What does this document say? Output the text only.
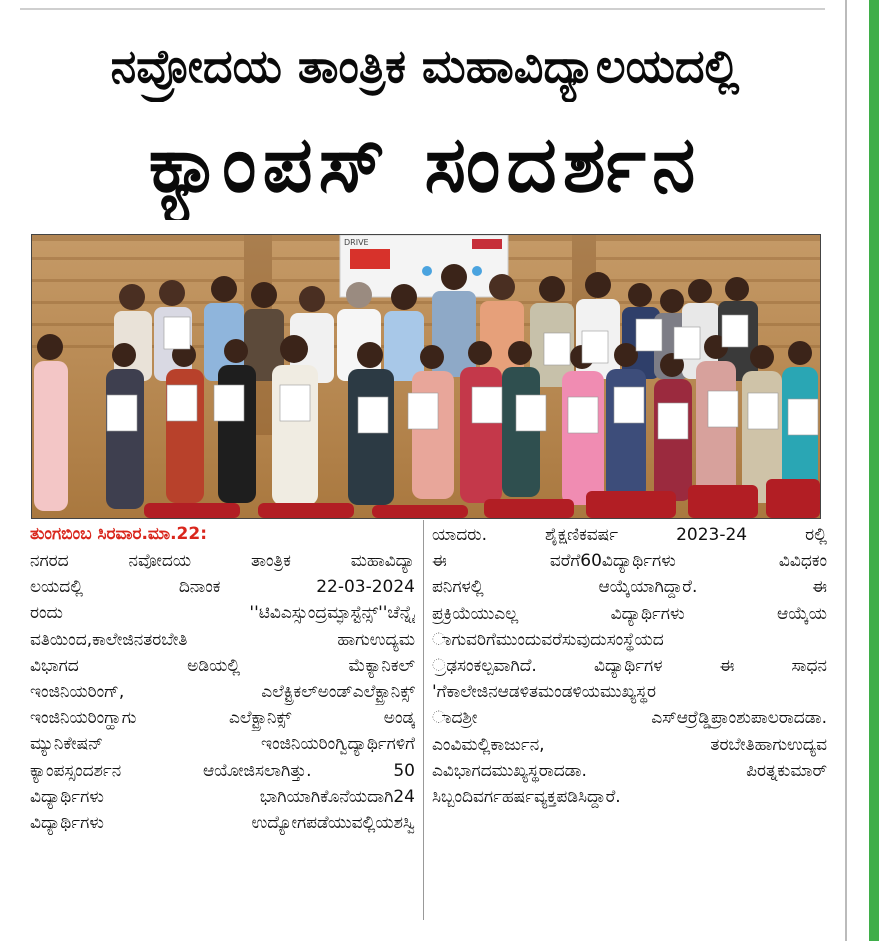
ನವ್ರೋದಯ ತಾಂತ್ರಿಕ ಮಹಾವಿದ್ಯಾಲಯದಲ್ಲಿ
ಕ್ಯಾಂಪಸ್ ಸಂದರ್ಶನ
DRIVE

ತುಂಗಬಿಂಬ ಸಿರವಾರ.ಮಾ.22:

ನಗರದ ನವೋದಯ ತಾಂತ್ರಿಕ ಮಹಾವಿದ್ಯಾ
ಲಯದಲ್ಲಿ ದಿನಾಂಕ 22-03-2024
ರಂದು ''ಟಿವಿಎಸ್ಸುಂದ್ರಮ್ಫಾಸ್ಟೆನ್ಸ್''ಚೆನ್ನೈ
ವತಿಯಿಂದ,ಕಾಲೇಜಿನತರಬೇತಿ ಹಾಗುಉದ್ಯಮ
ವಿಭಾಗದ ಅಡಿಯಲ್ಲಿ ಮೆಕ್ಯಾನಿಕಲ್
ಇಂಜಿನಿಯರಿಂಗ್, ಎಲೆಕ್ಟ್ರಿಕಲ್ಅಂಡ್ಎಲೆಕ್ಟ್ರಾನಿಕ್ಸ್
ಇಂಜಿನಿಯರಿಂಗ್ಹಾಗು ಎಲೆಕ್ಟ್ರಾನಿಕ್ಸ್ ಅಂಡ್ಕ
ಮ್ಯುನಿಕೇಷನ್ ಇಂಜಿನಿಯರಿಂಗ್ವಿದ್ಯಾರ್ಥಿಗಳಿಗೆ
ಕ್ಯಾಂಪಸ್ಸಂದರ್ಶನ ಆಯೋಜಿಸಲಾಗಿತ್ತು. 50
ವಿದ್ಯಾರ್ಥಿಗಳು ಭಾಗಿಯಾಗಿಕೊನೆಯದಾಗಿ24
ವಿದ್ಯಾರ್ಥಿಗಳು ಉದ್ಯೋಗಪಡೆಯುವಲ್ಲಿಯಶಸ್ವಿ
ಯಾದರು. ಶೈಕ್ಷಣಿಕವರ್ಷ 2023-24 ರಲ್ಲಿ
ಈ ವರೆಗೆ60ವಿದ್ಯಾರ್ಥಿಗಳು ವಿವಿಧಕಂ
ಪನಿಗಳಲ್ಲಿ ಆಯ್ಕೆಯಾಗಿದ್ದಾರೆ. ಈ
ಪ್ರಕ್ರಿಯೆಯುಎಲ್ಲ ವಿದ್ಯಾರ್ಥಿಗಳು ಆಯ್ಕೆಯ
ಾಗುವರಿಗೆಮುಂದುವರೆಸುವುದುಸಂಸ್ಥೆಯದ
್ರಢಸಂಕಲ್ಪವಾಗಿದೆ. ವಿದ್ಯಾರ್ಥಿಗಳ ಈ ಸಾಧನ
'ಗೆಕಾಲೇಜಿನಆಡಳಿತಮಂಡಳಿಯಮುಖ್ಯಸ್ಥರ
ಾದಶ್ರೀ ಎಸ್ಆರ್ರೆಡ್ಡಿಪ್ರಾಂಶುಪಾಲರಾದಡಾ.
ಎಂವಿಮಲ್ಲಿಕಾರ್ಜುನ, ತರಬೇತಿಹಾಗುಉದ್ಯವ
ಎವಿಭಾಗದಮುಖ್ಯಸ್ಥರಾದಡಾ. ಪಿರತ್ನಕುಮಾರ್
ಸಿಬ್ಬಂದಿವರ್ಗಹರ್ಷವ್ಯಕ್ತಪಡಿಸಿದ್ದಾರೆ.
